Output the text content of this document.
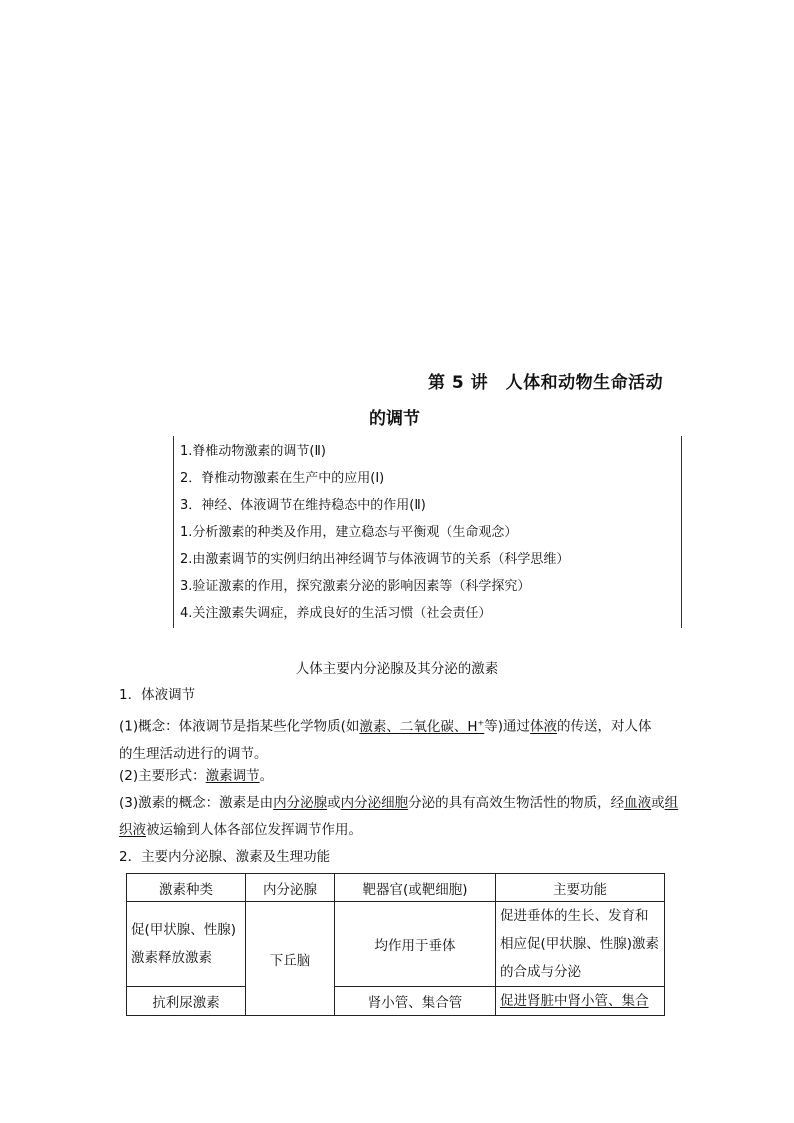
第 5 讲　人体和动物生命活动
的调节
1.脊椎动物激素的调节(Ⅱ)
2．脊椎动物激素在生产中的应用(Ⅰ)
3．神经、体液调节在维持稳态中的作用(Ⅱ)
1.分析激素的种类及作用，建立稳态与平衡观（生命观念）
2.由激素调节的实例归纳出神经调节与体液调节的关系（科学思维）
3.验证激素的作用，探究激素分泌的影响因素等（科学探究）
4.关注激素失调症，养成良好的生活习惯（社会责任）
人体主要内分泌腺及其分泌的激素
1．体液调节
(1)概念：体液调节是指某些化学物质(如激素、二氧化碳、H+等)通过体液的传送，对人体
的生理活动进行的调节。
(2)主要形式：激素调节。
(3)激素的概念：激素是由内分泌腺或内分泌细胞分泌的具有高效生物活性的物质，经血液或组织液被运输到人体各部位发挥调节作用。
2．主要内分泌腺、激素及生理功能
激素种类	内分泌腺	靶器官(或靶细胞)	主要功能
促(甲状腺、性腺)激素释放激素	下丘脑	均作用于垂体	促进垂体的生长、发育和相应促(甲状腺、性腺)激素的合成与分泌
抗利尿激素		肾小管、集合管	促进肾脏中肾小管、集合
